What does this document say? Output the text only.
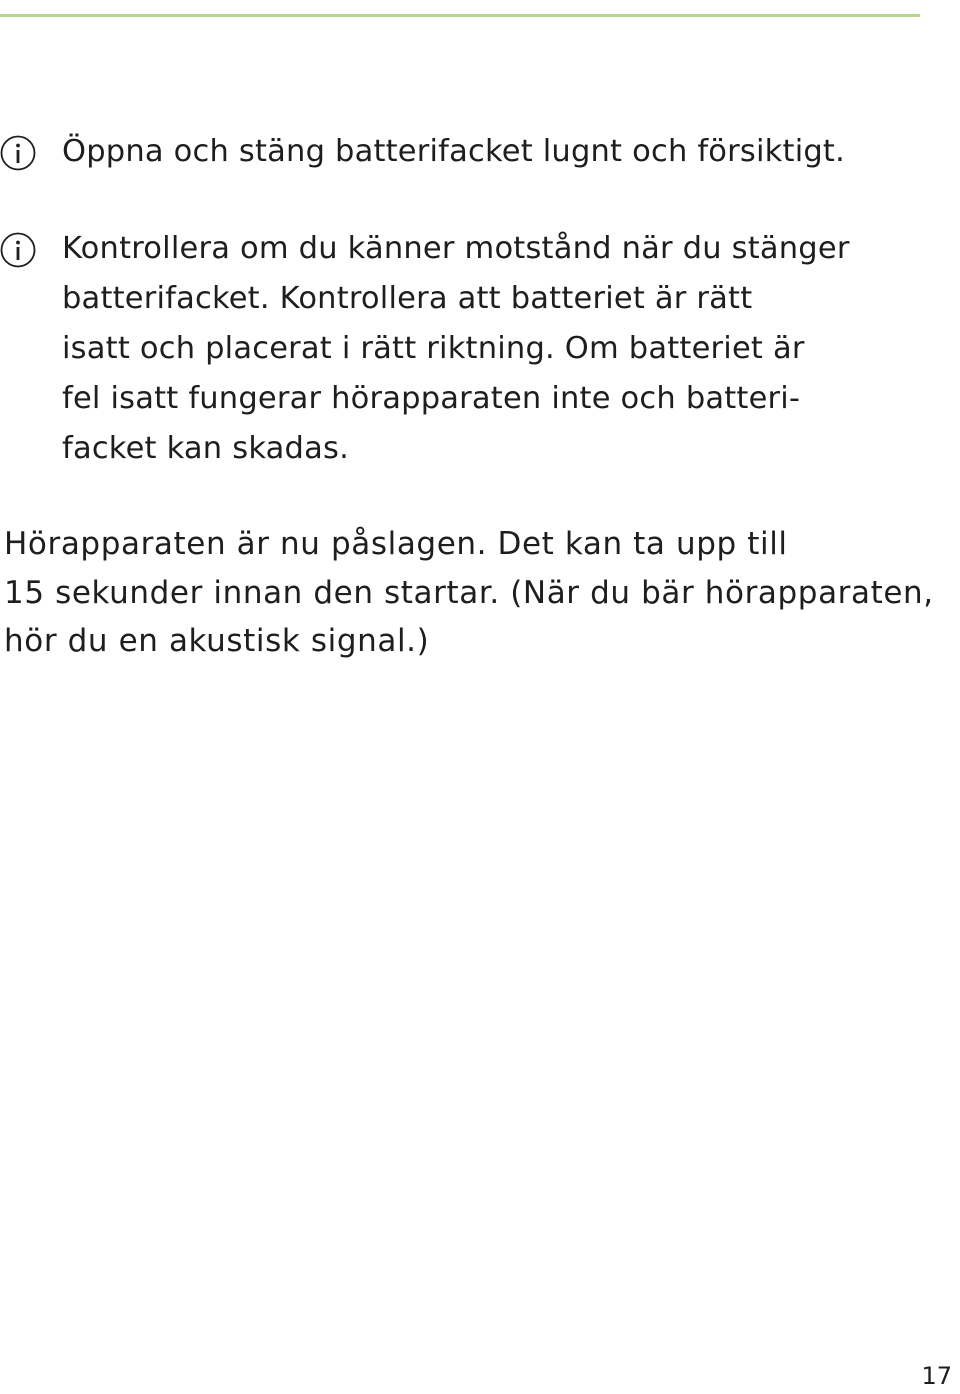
Öppna och stäng batterifacket lugnt och försiktigt.
Kontrollera om du känner motstånd när du stänger
batterifacket. Kontrollera att batteriet är rätt
isatt och placerat i rätt riktning. Om batteriet är
fel isatt fungerar hörapparaten inte och batteri-
facket kan skadas.
Hörapparaten är nu påslagen. Det kan ta upp till
15 sekunder innan den startar. (När du bär hörapparaten,
hör du en akustisk signal.)
17
